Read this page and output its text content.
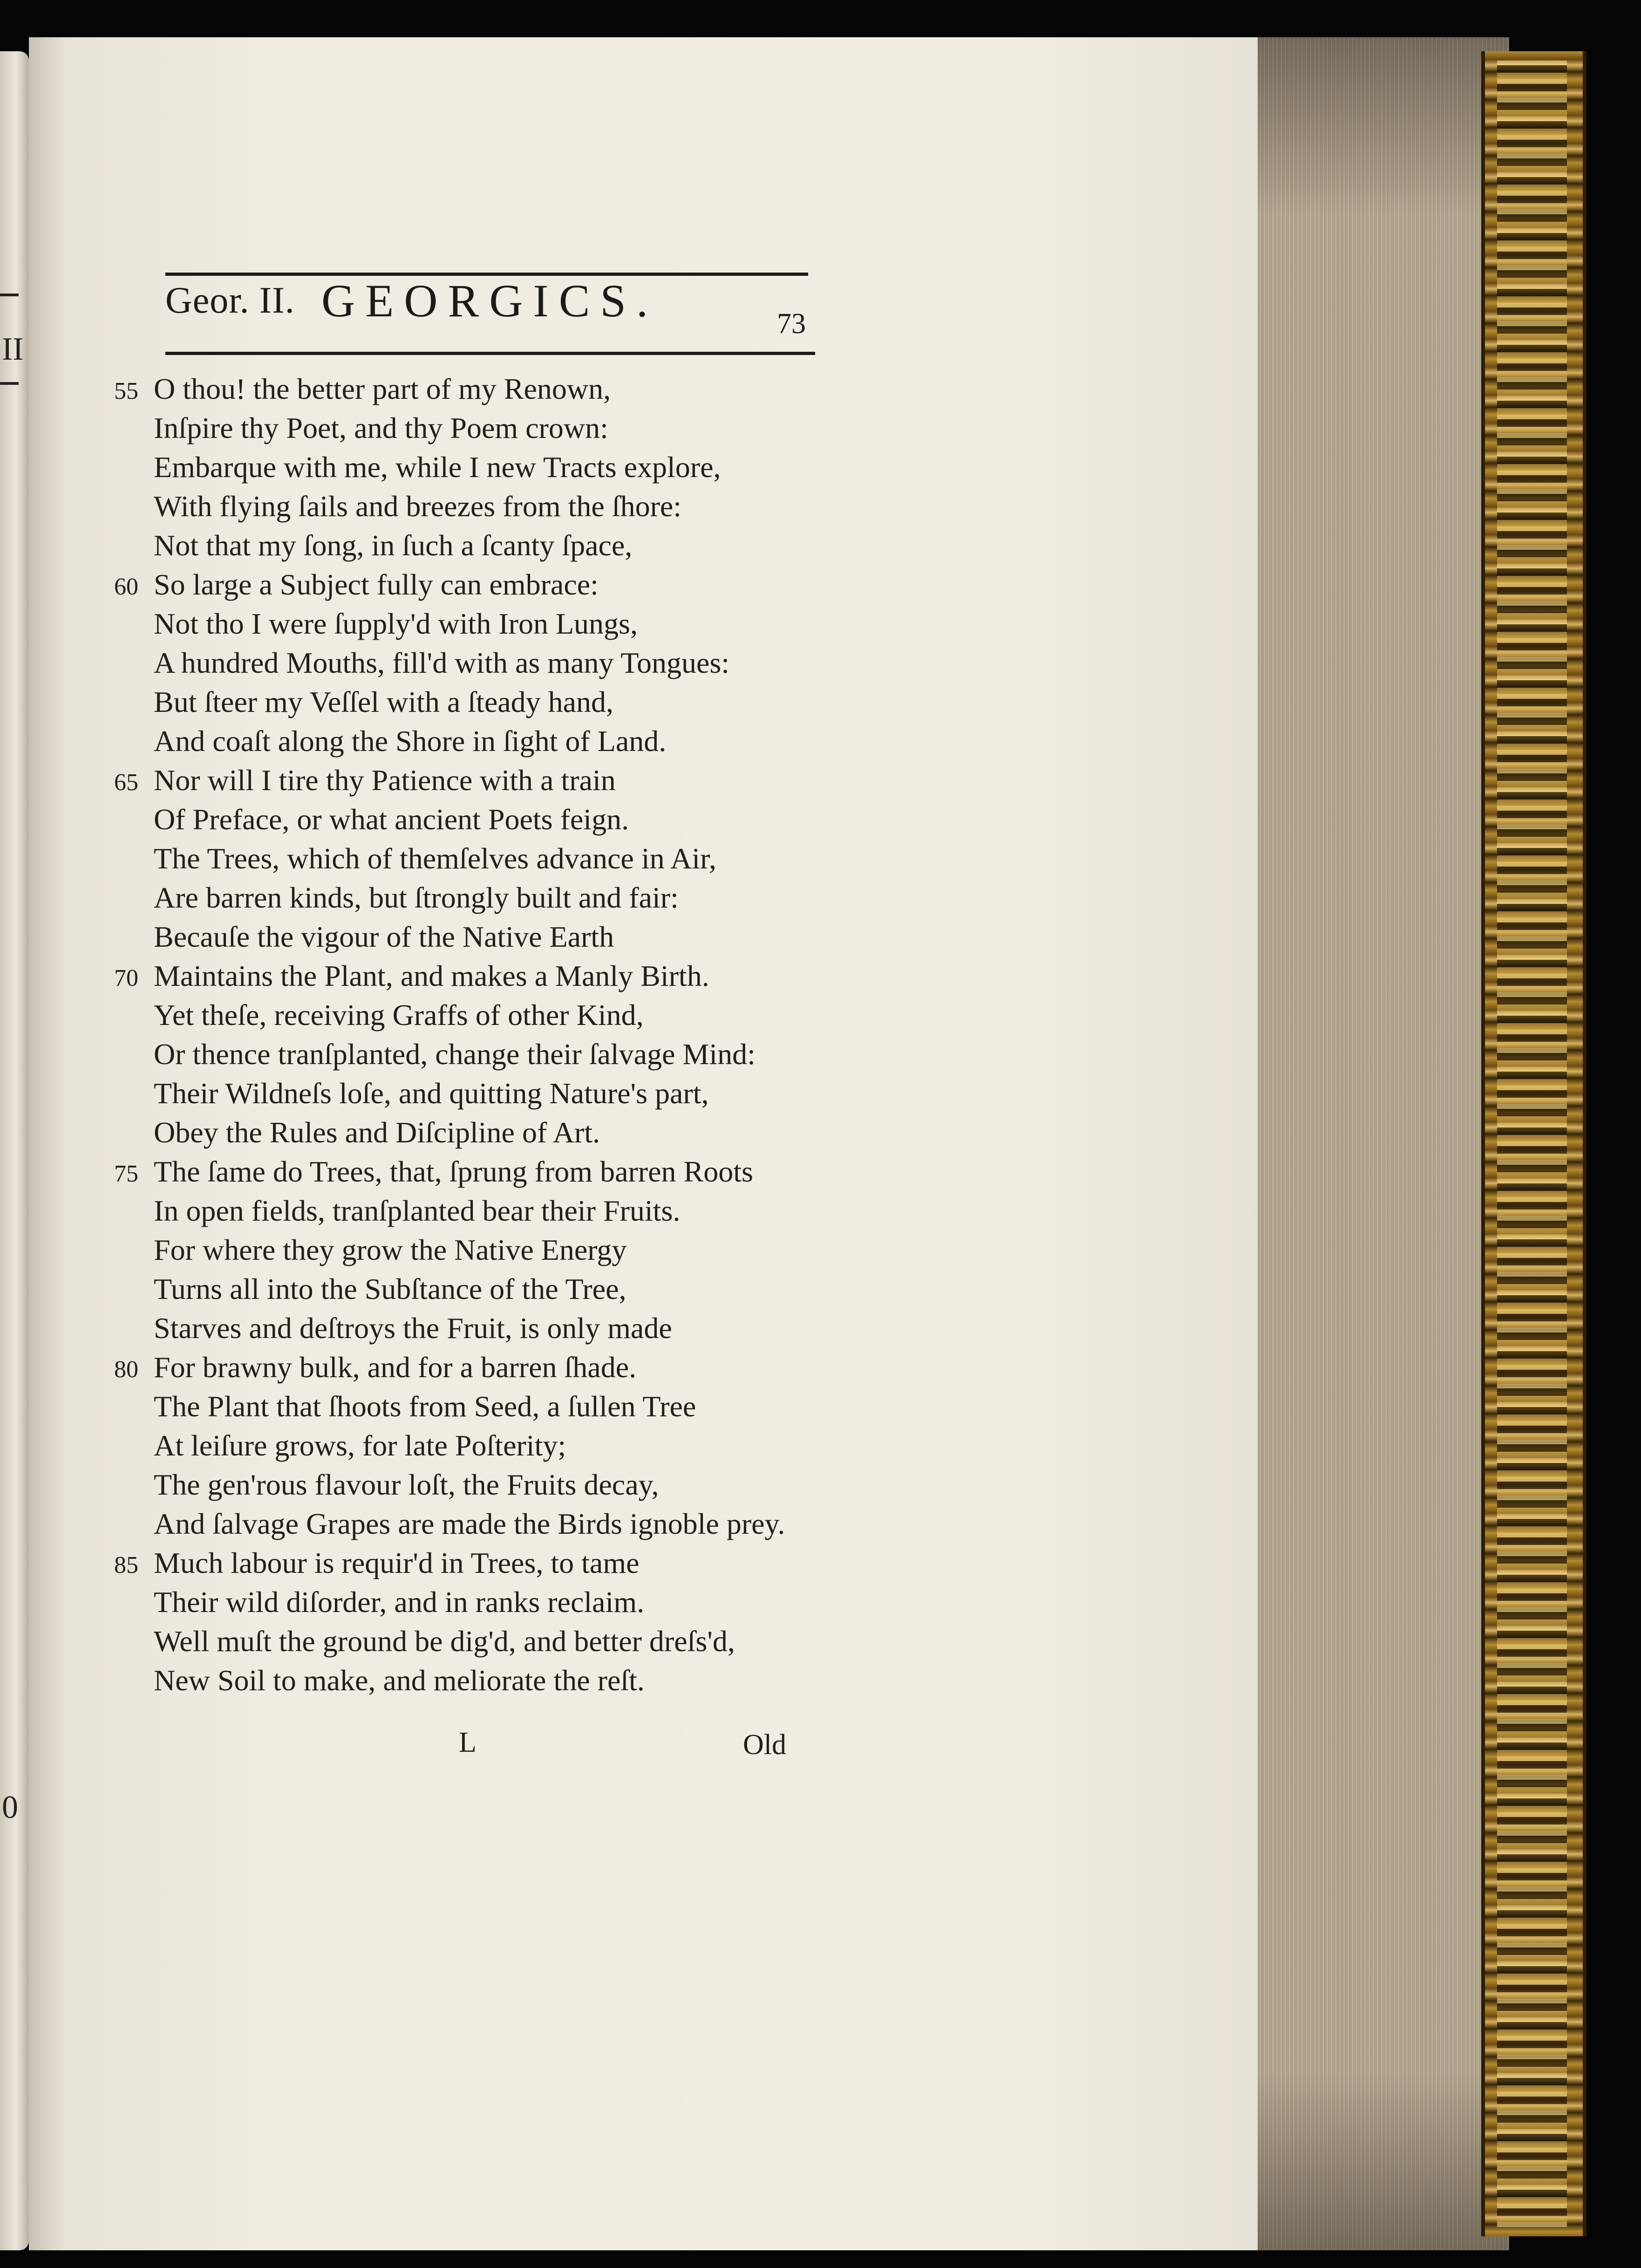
II
0
Geor. II. GEORGICS.	73
O thou! the better part of my Renown,
Inſpire thy Poet, and thy Poem crown:
Embarque with me, while I new Tracts explore,
With flying ſails and breezes from the ſhore:
Not that my ſong, in ſuch a ſcanty ſpace,
So large a Subject fully can embrace:
Not tho I were ſupply'd with Iron Lungs,
A hundred Mouths, fill'd with as many Tongues:
But ſteer my Veſſel with a ſteady hand,
And coaſt along the Shore in ſight of Land.
Nor will I tire thy Patience with a train
Of Preface, or what ancient Poets feign.
The Trees, which of themſelves advance in Air,
Are barren kinds, but ſtrongly built and fair:
Becauſe the vigour of the Native Earth
Maintains the Plant, and makes a Manly Birth.
Yet theſe, receiving Graffs of other Kind,
Or thence tranſplanted, change their ſalvage Mind:
Their Wildneſs loſe, and quitting Nature's part,
Obey the Rules and Diſcipline of Art.
The ſame do Trees, that, ſprung from barren Roots
In open fields, tranſplanted bear their Fruits.
For where they grow the Native Energy
Turns all into the Subſtance of the Tree,
Starves and deſtroys the Fruit, is only made
For brawny bulk, and for a barren ſhade.
The Plant that ſhoots from Seed, a ſullen Tree
At leiſure grows, for late Poſterity;
The gen'rous flavour loſt, the Fruits decay,
And ſalvage Grapes are made the Birds ignoble prey.
Much labour is requir'd in Trees, to tame
Their wild diſorder, and in ranks reclaim.
Well muſt the ground be dig'd, and better dreſs'd,
New Soil to make, and meliorate the reſt.
L	Old
